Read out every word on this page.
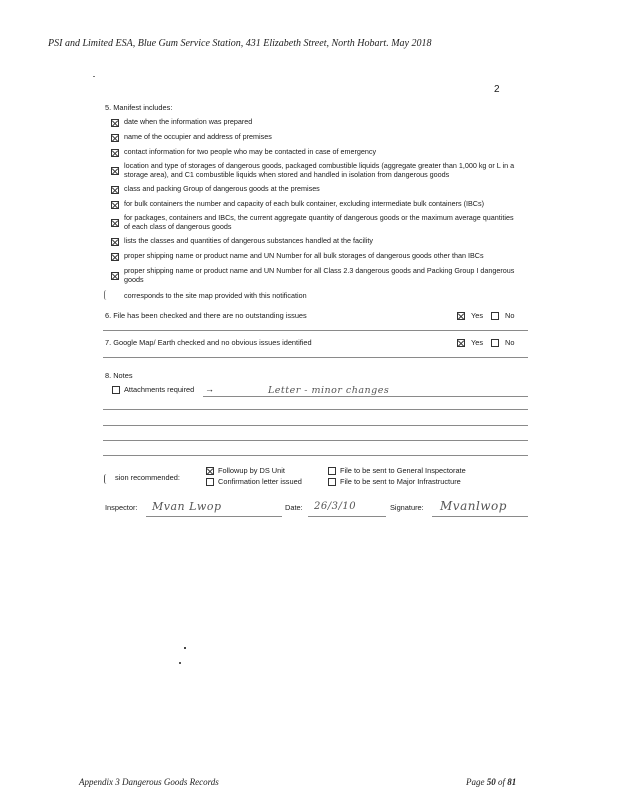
PSI and Limited ESA, Blue Gum Service Station, 431 Elizabeth Street, North Hobart. May 2018
2
5. Manifest includes:
date when the information was prepared
name of the occupier and address of premises
contact information for two people who may be contacted in case of emergency
location and type of storages of dangerous goods, packaged combustible liquids (aggregate greater than 1,000 kg or L in a
storage area), and C1 combustible liquids when stored and handled in isolation from dangerous goods
class and packing Group of dangerous goods at the premises
for bulk containers the number and capacity of each bulk container, excluding intermediate bulk containers (IBCs)
for packages, containers and IBCs, the current aggregate quantity of dangerous goods or the maximum average quantities
of each class of dangerous goods
lists the classes and quantities of dangerous substances handled at the facility
proper shipping name or product name and UN Number for all bulk storages of dangerous goods other than IBCs
proper shipping name or product name and UN Number for all Class 2.3 dangerous goods and Packing Group I dangerous
goods
corresponds to the site map provided with this notification
6. File has been checked and there are no outstanding issues	Yes	No
7. Google Map/ Earth checked and no obvious issues identified	Yes	No
8. Notes
Attachments required →	Letter - minor changes
sion recommended:
Followup by DS Unit
Confirmation letter issued
File to be sent to General Inspectorate
File to be sent to Major Infrastructure
Inspector: Mvan Lwop	Date: 26/3/10	Signature: Mvanlwop
Appendix 3 Dangerous Goods Records	Page 50 of 81
